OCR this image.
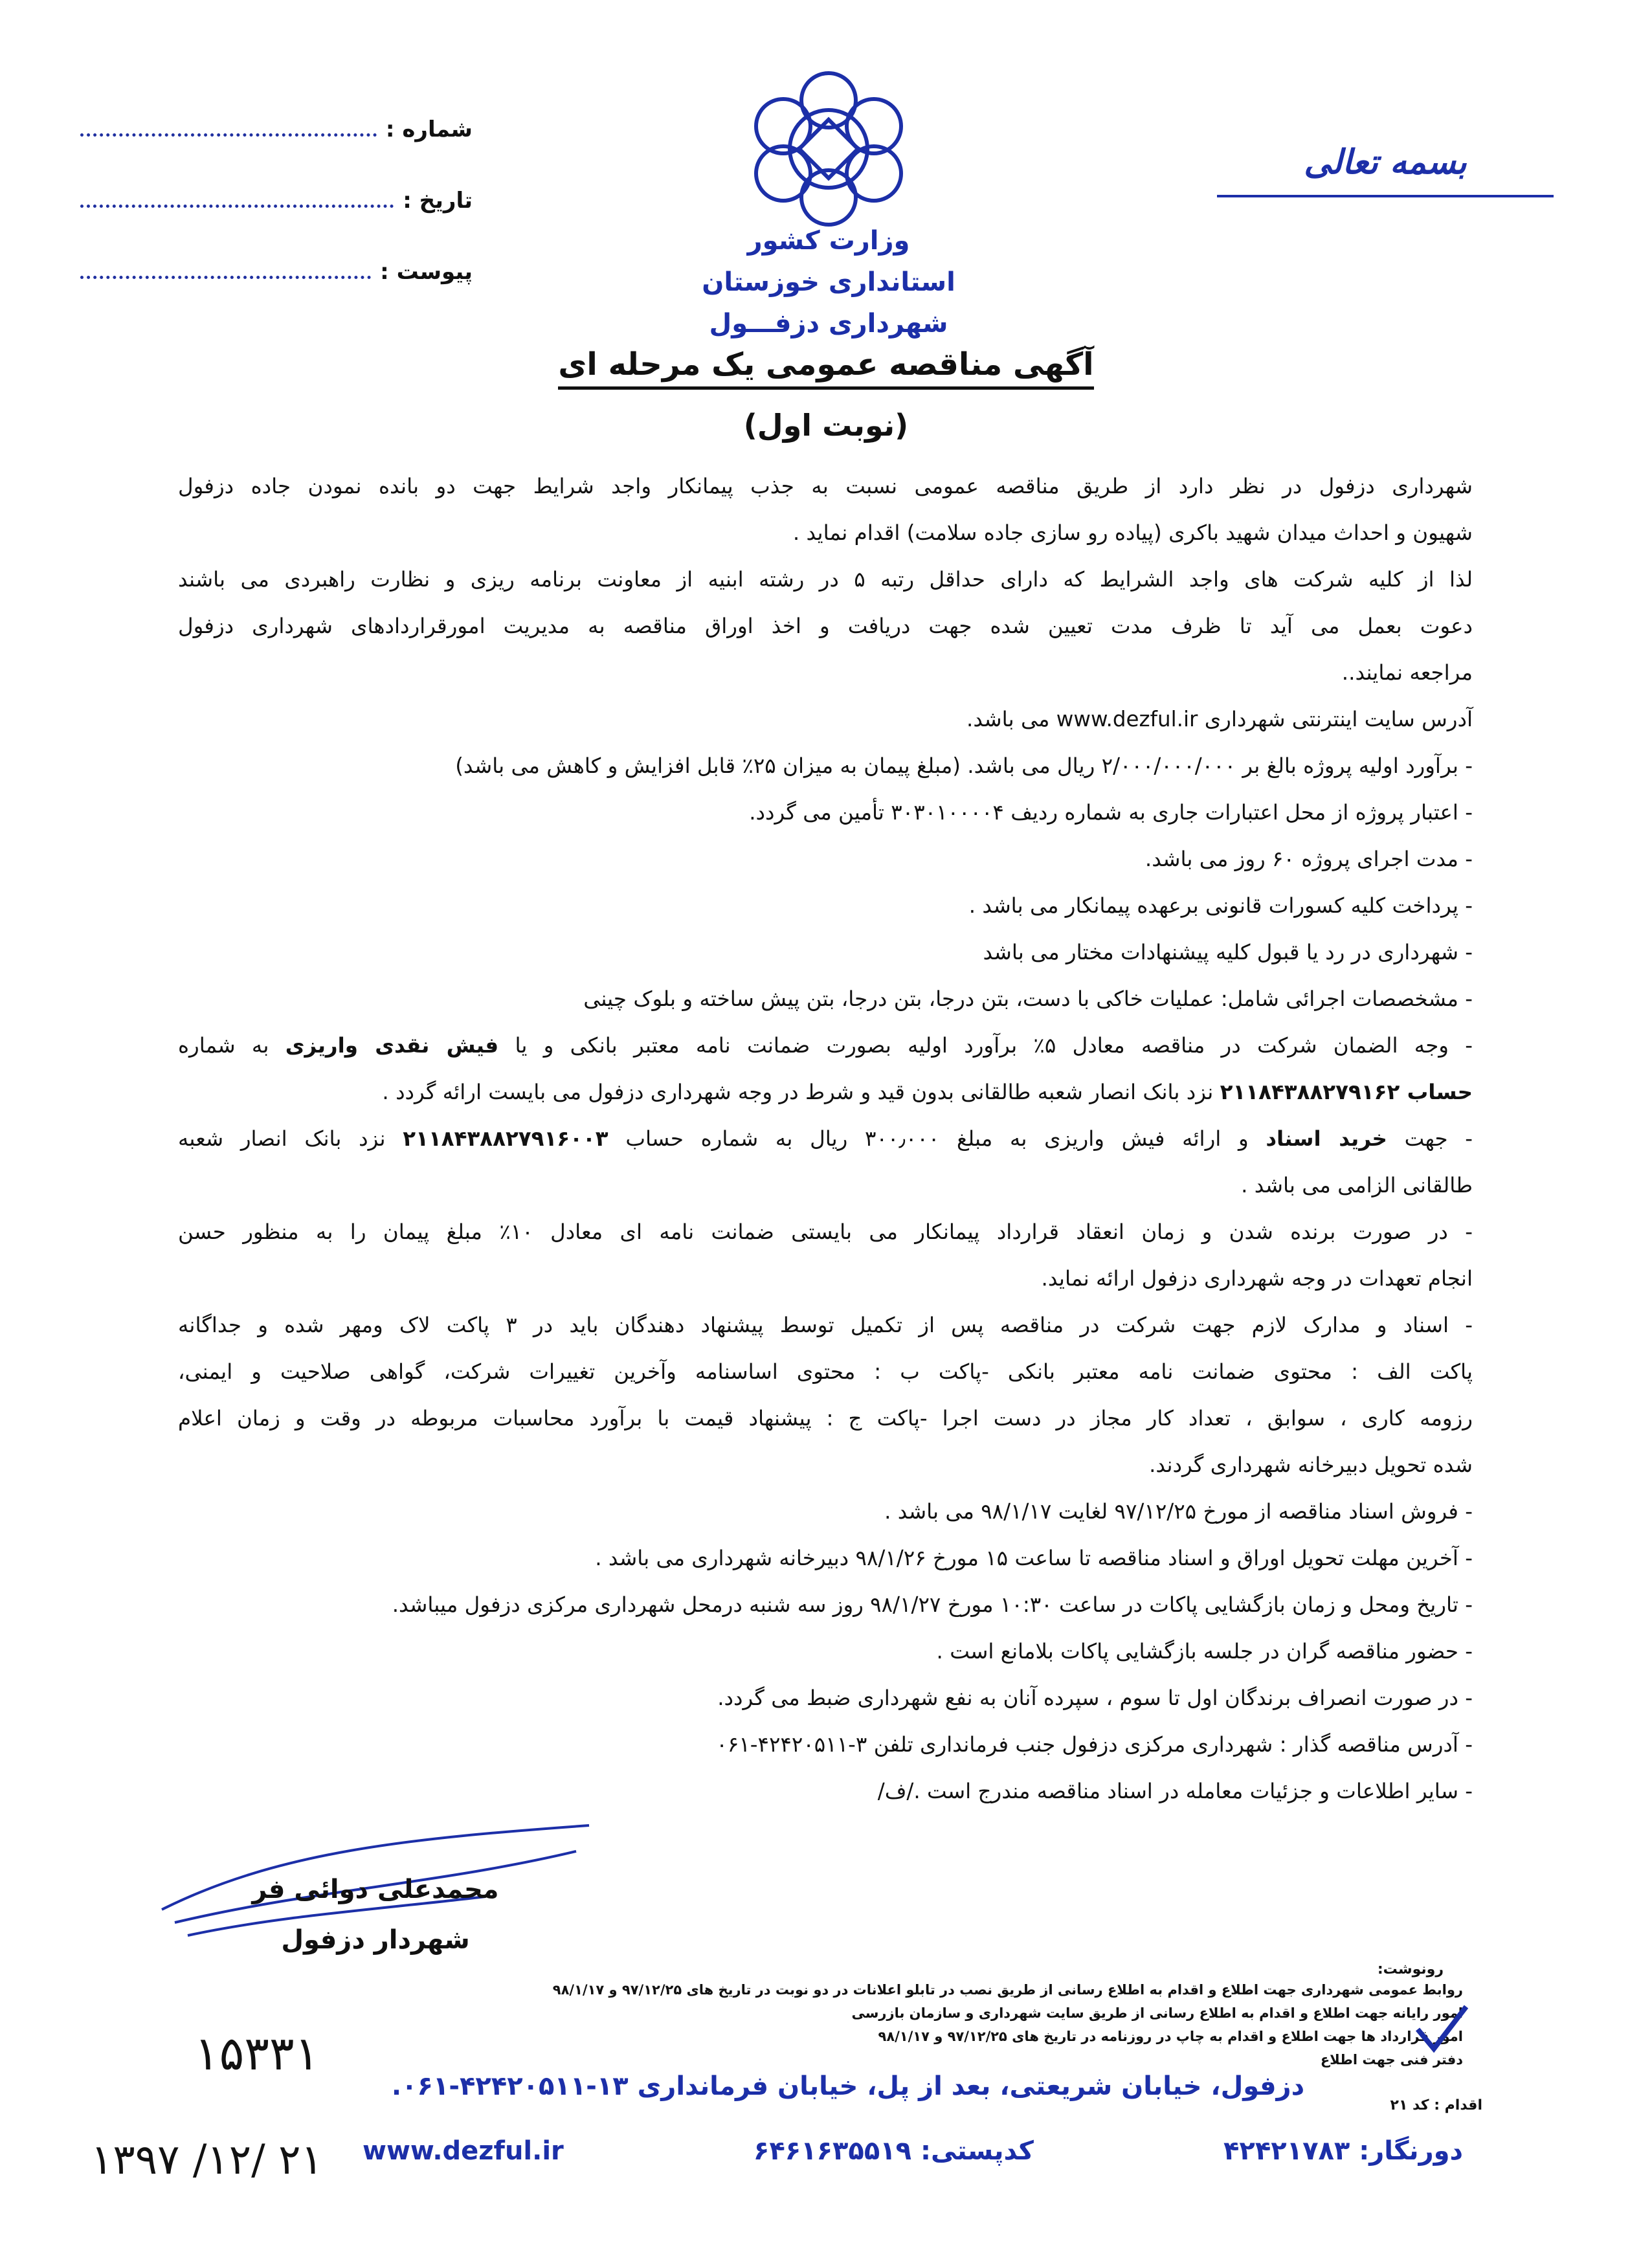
شماره :
تاریخ :
پیوست :
وزارت کشور
استانداری خوزستان
شهرداری دزفـــول
بسمه تعالی
آگهی مناقصه عمومی یک مرحله ای
(نوبت اول)

شهرداری دزفول در نظر دارد از طریق مناقصه عمومی نسبت به جذب پیمانکار واجد شرایط جهت دو بانده نمودن جاده دزفول

شهیون و احداث میدان شهید باکری (پیاده رو سازی جاده سلامت) اقدام نماید .

لذا از کلیه شرکت های واجد الشرایط که دارای حداقل رتبه ۵ در رشته ابنیه از معاونت برنامه ریزی و نظارت راهبردی می باشند

دعوت بعمل می آید تا ظرف مدت تعیین شده جهت دریافت و اخذ اوراق مناقصه به مدیریت امورقراردادهای شهرداری دزفول

مراجعه نمایند..

آدرس سایت اینترنتی شهرداری www.dezful.ir می باشد.

- برآورد اولیه پروژه بالغ بر ۲/۰۰۰/۰۰۰/۰۰۰ ریال می باشد. (مبلغ پیمان به میزان ۲۵٪ قابل افزایش و کاهش می باشد)

- اعتبار پروژه از محل اعتبارات جاری به شماره ردیف ۳۰۳۰۱۰۰۰۰۴ تأمین می گردد.

- مدت اجرای پروژه ۶۰ روز می باشد.

- پرداخت کلیه کسورات قانونی برعهده پیمانکار می باشد .

- شهرداری در رد یا قبول کلیه پیشنهادات مختار می باشد

- مشخصصات اجرائی شامل: عملیات خاکی با دست، بتن درجا، بتن درجا، بتن پیش ساخته و بلوک چینی

- وجه الضمان شرکت در مناقصه معادل ۵٪ برآورد اولیه بصورت ضمانت نامه معتبر بانکی و یا فیش نقدی واریزی به شماره

حساب ۲۱۱۸۴۳۸۸۲۷۹۱۶۲ نزد بانک انصار شعبه طالقانی بدون قید و شرط در وجه شهرداری دزفول می بایست ارائه گردد .

- جهت خرید اسناد و ارائه فیش واریزی به مبلغ ۳۰۰٫۰۰۰ ریال به شماره حساب ۲۱۱۸۴۳۸۸۲۷۹۱۶۰۰۳ نزد بانک انصار شعبه

طالقانی الزامی می باشد .

- در صورت برنده شدن و زمان انعقاد قرارداد پیمانکار می بایستی ضمانت نامه ای معادل ۱۰٪ مبلغ پیمان را به منظور حسن

انجام تعهدات در وجه شهرداری دزفول ارائه نماید.

- اسناد و مدارک لازم جهت شرکت در مناقصه پس از تکمیل توسط پیشنهاد دهندگان باید در ۳ پاکت لاک ومهر شده و جداگانه

پاکت الف : محتوی ضمانت نامه معتبر بانکی -پاکت ب : محتوی اساسنامه وآخرین تغییرات شرکت، گواهی صلاحیت و ایمنی،

رزومه کاری ، سوابق ، تعداد کار مجاز در دست اجرا -پاکت ج : پیشنهاد قیمت با برآورد محاسبات مربوطه در وقت و زمان اعلام

شده تحویل دبیرخانه شهرداری گردند.

- فروش اسناد مناقصه از مورخ ۹۷/۱۲/۲۵ لغایت ۹۸/۱/۱۷ می باشد .

- آخرین مهلت تحویل اوراق و اسناد مناقصه تا ساعت ۱۵ مورخ ۹۸/۱/۲۶ دبیرخانه شهرداری می باشد .

- تاریخ ومحل و زمان بازگشایی پاکات در ساعت ۱۰:۳۰ مورخ ۹۸/۱/۲۷ روز سه شنبه درمحل شهرداری مرکزی دزفول میباشد.

- حضور مناقصه گران در جلسه بازگشایی پاکات بلامانع است .

- در صورت انصراف برندگان اول تا سوم ، سپرده آنان به نفع شهرداری ضبط می گردد.

- آدرس مناقصه گذار : شهرداری مرکزی دزفول جنب فرمانداری تلفن ۳-۴۲۴۲۰۵۱۱-۰۶۱

- سایر اطلاعات و جزئیات معامله در اسناد مناقصه مندرج است ./ف/

محمدعلی دوائی فر
شهردار دزفول
رونوشت:
روابط عمومی شهرداری جهت اطلاع و اقدام به اطلاع رسانی از طریق نصب در تابلو اعلانات در دو نوبت در تاریخ های ۹۷/۱۲/۲۵ و ۹۸/۱/۱۷
امور رایانه جهت اطلاع و اقدام به اطلاع رسانی از طریق سایت شهرداری و سازمان بازرسی
امور قرارداد ها جهت اطلاع و اقدام به چاپ در روزنامه در تاریخ های ۹۷/۱۲/۲۵ و ۹۸/۱/۱۷
دفتر فنی جهت اطلاع
اقدام : کد ۲۱
۱۵۳۳۱
۱۳۹۷ /۱۲/ ۲۱
دزفول، خیابان شریعتی، بعد از پل، خیابان فرمانداری ۱۳-۴۲۴۲۰۵۱۱-۰۶۱.
دورنگار: ۴۲۴۲۱۷۸۳
کدپستی: ۶۴۶۱۶۳۵۵۱۹
www.dezful.ir
